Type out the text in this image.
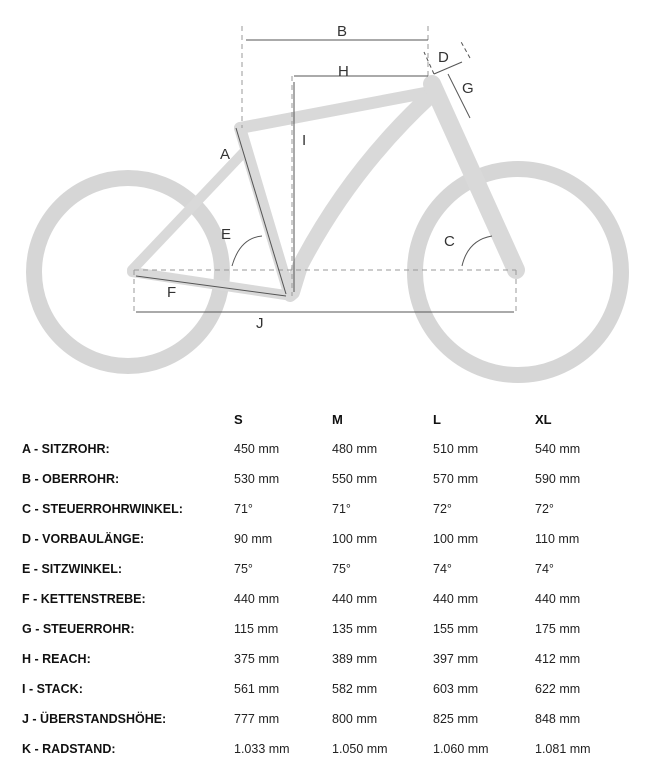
B
D
H
G
I
A
E	C
F
J
	S	M	L	XL
A - SITZROHR:	450 mm	480 mm	510 mm	540 mm
B - OBERROHR:	530 mm	550 mm	570 mm	590 mm
C - STEUERROHRWINKEL:	71°	71°	72°	72°
D - VORBAULÄNGE:	90 mm	100 mm	100 mm	110 mm
E - SITZWINKEL:	75°	75°	74°	74°
F - KETTENSTREBE:	440 mm	440 mm	440 mm	440 mm
G - STEUERROHR:	115 mm	135 mm	155 mm	175 mm
H - REACH:	375 mm	389 mm	397 mm	412 mm
I - STACK:	561 mm	582 mm	603 mm	622 mm
J - ÜBERSTANDSHÖHE:	777 mm	800 mm	825 mm	848 mm
K - RADSTAND:	1.033 mm	1.050 mm	1.060 mm	1.081 mm
